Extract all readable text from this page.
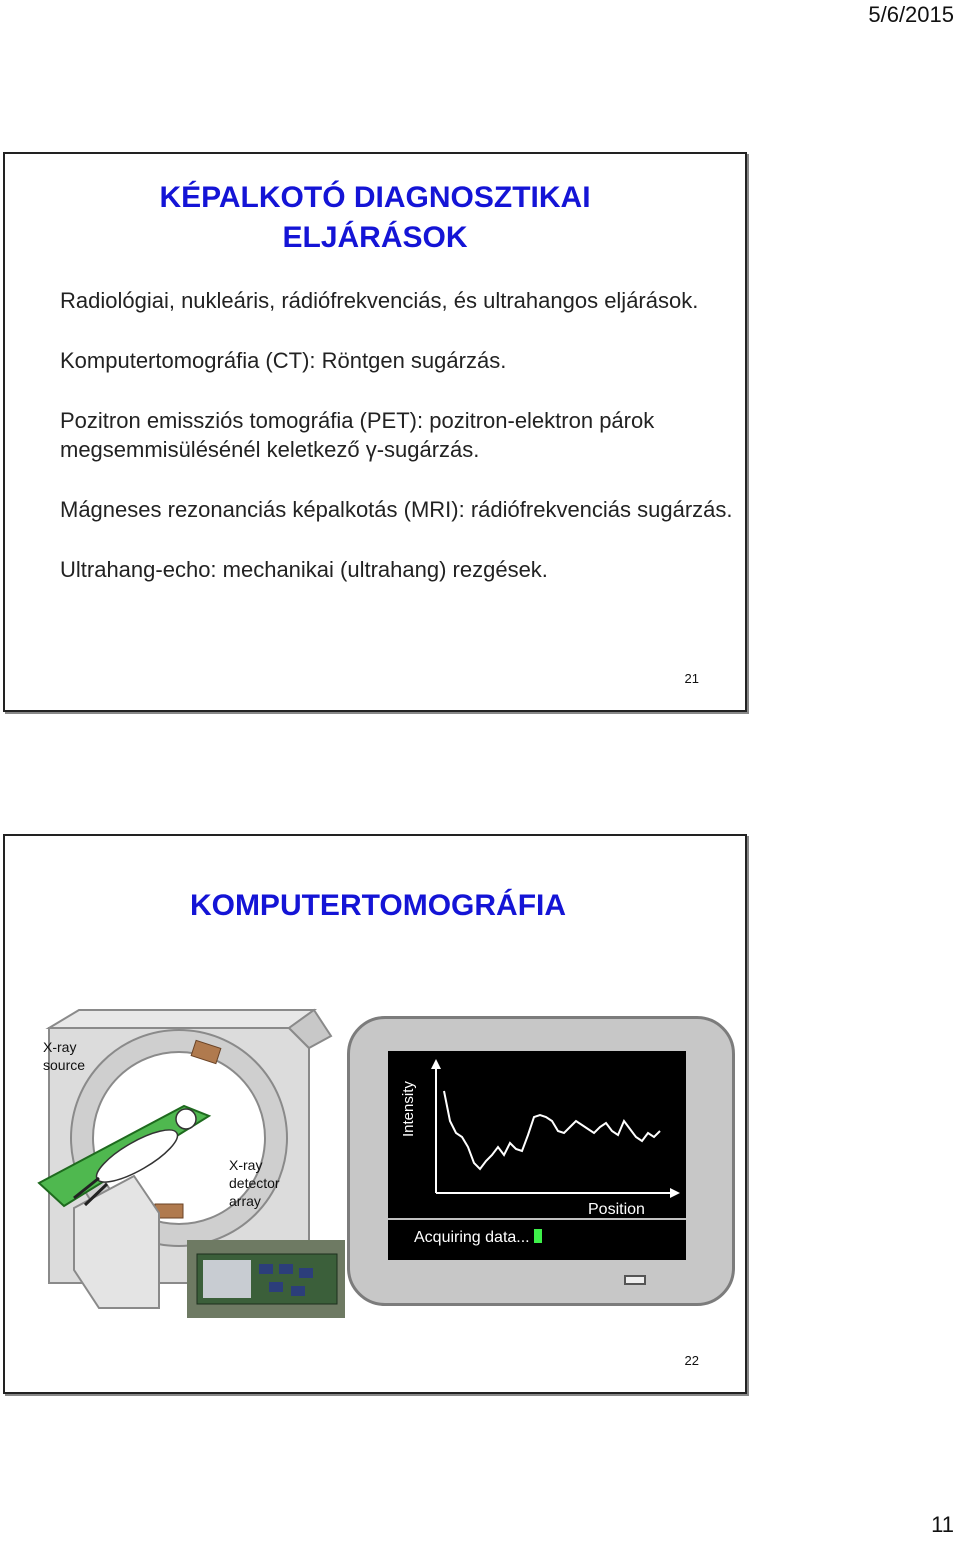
5/6/2015
KÉPALKOTÓ DIAGNOSZTIKAI
ELJÁRÁSOK

Radiológiai, nukleáris, rádiófrekvenciás, és ultrahangos eljárások.

Komputertomográfia (CT): Röntgen sugárzás.

Pozitron emissziós tomográfia (PET): pozitron-elektron párok megsemmisülésénél keletkező γ-sugárzás.

Mágneses rezonanciás képalkotás (MRI): rádiófrekvenciás sugárzás.

Ultrahang-echo: mechanikai (ultrahang) rezgések.

21
KOMPUTERTOMOGRÁFIA
X-ray source
X-ray detector array
Intensity
Position
Acquiring data...
22
11
